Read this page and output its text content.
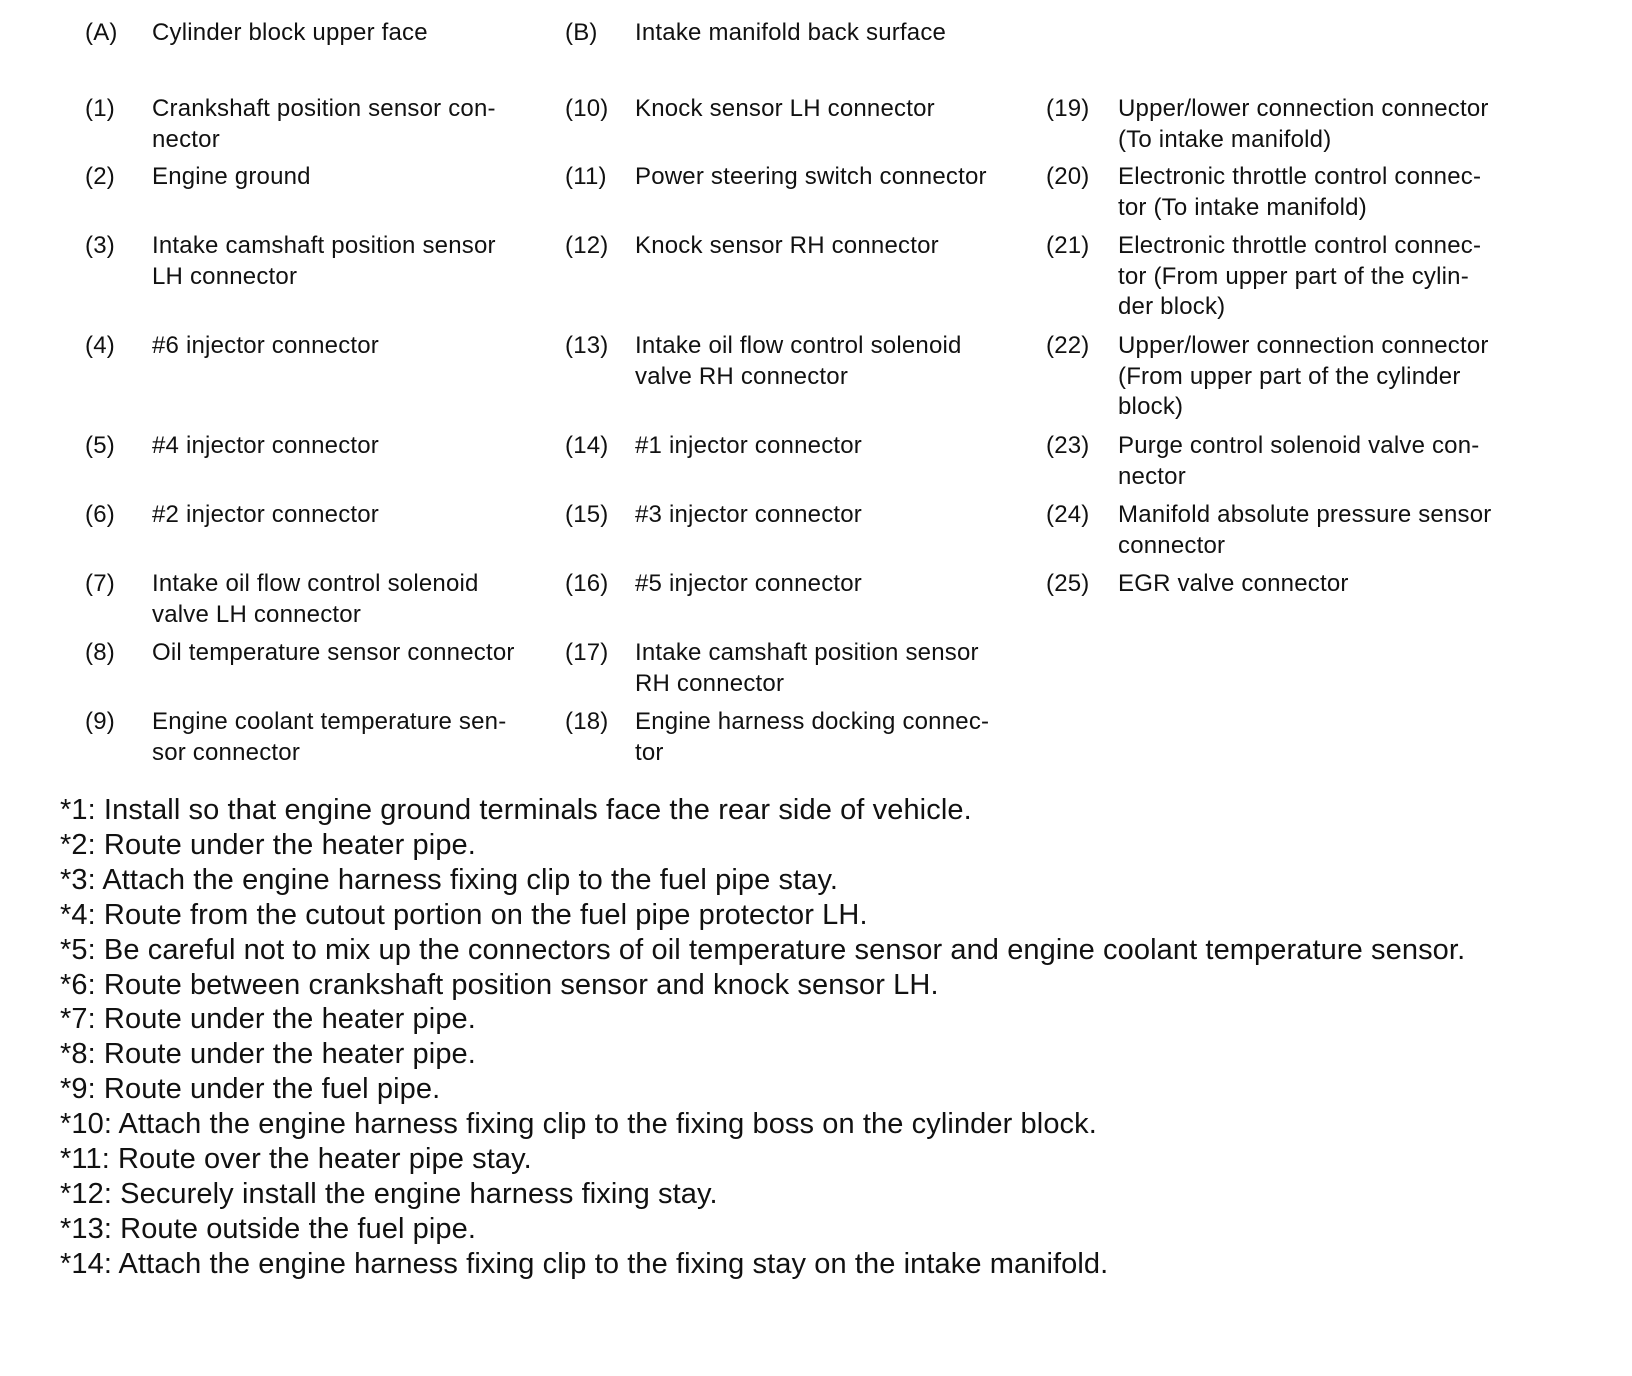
(A) Cylinder block upper face	(B) Intake manifold back surface
(1) Crankshaft position sensor con-
nector
(2) Engine ground
(3) Intake camshaft position sensor
LH connector
(4) #6 injector connector
(5) #4 injector connector
(6) #2 injector connector
(7) Intake oil flow control solenoid
valve LH connector
(8) Oil temperature sensor connector
(9) Engine coolant temperature sen-
sor connector
(10) Knock sensor LH connector
(11) Power steering switch connector
(12) Knock sensor RH connector
(13) Intake oil flow control solenoid
valve RH connector
(14) #1 injector connector
(15) #3 injector connector
(16) #5 injector connector
(17) Intake camshaft position sensor
RH connector
(18) Engine harness docking connec-
tor
(19) Upper/lower connection connector
(To intake manifold)
(20) Electronic throttle control connec-
tor (To intake manifold)
(21) Electronic throttle control connec-
tor (From upper part of the cylin-
der block)
(22) Upper/lower connection connector
(From upper part of the cylinder
block)
(23) Purge control solenoid valve con-
nector
(24) Manifold absolute pressure sensor
connector
(25) EGR valve connector
*1: Install so that engine ground terminals face the rear side of vehicle.
*2: Route under the heater pipe.
*3: Attach the engine harness fixing clip to the fuel pipe stay.
*4: Route from the cutout portion on the fuel pipe protector LH.
*5: Be careful not to mix up the connectors of oil temperature sensor and engine coolant temperature sensor.
*6: Route between crankshaft position sensor and knock sensor LH.
*7: Route under the heater pipe.
*8: Route under the heater pipe.
*9: Route under the fuel pipe.
*10: Attach the engine harness fixing clip to the fixing boss on the cylinder block.
*11: Route over the heater pipe stay.
*12: Securely install the engine harness fixing stay.
*13: Route outside the fuel pipe.
*14: Attach the engine harness fixing clip to the fixing stay on the intake manifold.
